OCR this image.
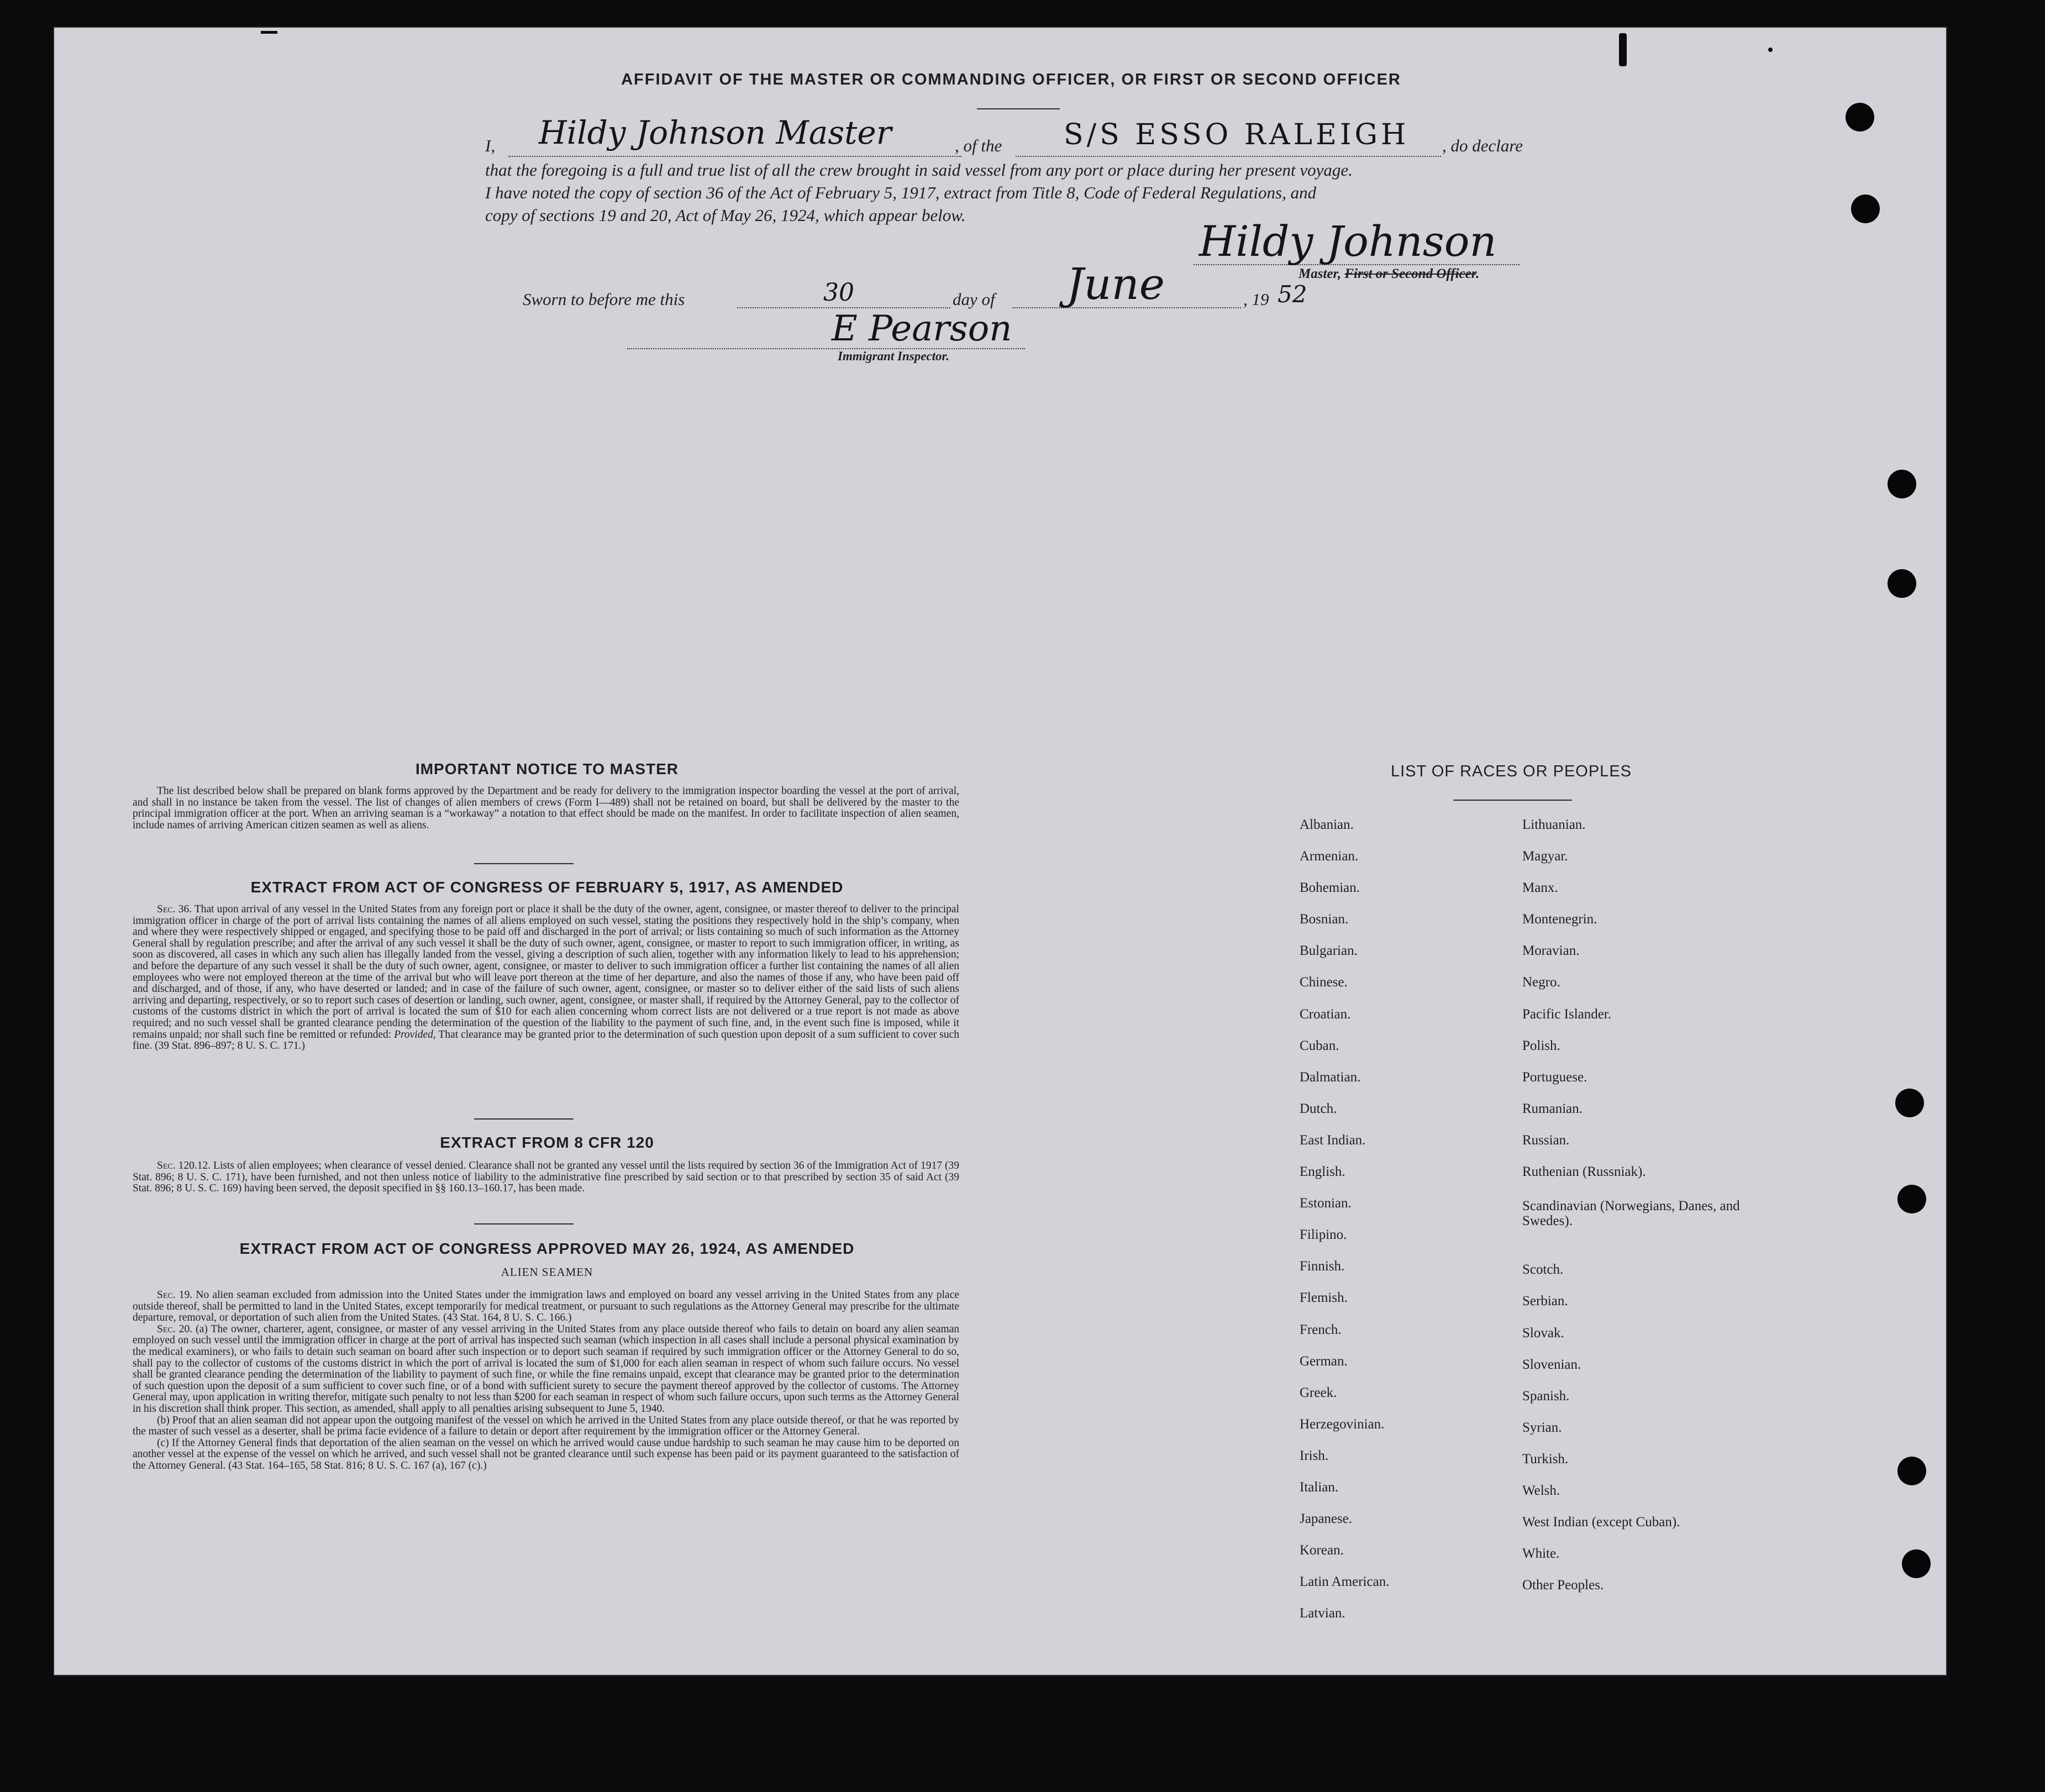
AFFIDAVIT OF THE MASTER OR COMMANDING OFFICER, OR FIRST OR SECOND OFFICER
I, Hildy Johnson Master	, of the S/S ESSO RALEIGH , do declare
that the foregoing is a full and true list of all the crew brought in said vessel from any port or place during her present voyage.
I have noted the copy of section 36 of the Act of February 5, 1917, extract from Title 8, Code of Federal Regulations, and
copy of sections 19 and 20, Act of May 26, 1924, which appear below.
Sworn to before me this	30	day of June	, 19 52
Hildy Johnson
Master, First or Second Officer.
E Pearson
Immigrant Inspector.
IMPORTANT NOTICE TO MASTER

The list described below shall be prepared on blank forms approved by the Department and be ready for delivery to the immigration inspector boarding the vessel at the port of arrival, and shall in no instance be taken from the vessel. The list of changes of alien members of crews (Form I—489) shall not be retained on board, but shall be delivered by the master to the principal immigration officer at the port. When an arriving seaman is a “workaway” a notation to that effect should be made on the manifest. In order to facilitate inspection of alien seamen, include names of arriving American citizen seamen as well as aliens.

EXTRACT FROM ACT OF CONGRESS OF FEBRUARY 5, 1917, AS AMENDED

Sec. 36. That upon arrival of any vessel in the United States from any foreign port or place it shall be the duty of the owner, agent, consignee, or master thereof to deliver to the principal immigration officer in charge of the port of arrival lists containing the names of all aliens employed on such vessel, stating the positions they respectively hold in the ship’s company, when and where they were respectively shipped or engaged, and specifying those to be paid off and discharged in the port of arrival; or lists containing so much of such information as the Attorney General shall by regulation prescribe; and after the arrival of any such vessel it shall be the duty of such owner, agent, consignee, or master to report to such immigration officer, in writing, as soon as discovered, all cases in which any such alien has illegally landed from the vessel, giving a description of such alien, together with any information likely to lead to his apprehension; and before the departure of any such vessel it shall be the duty of such owner, agent, consignee, or master to deliver to such immigration officer a further list containing the names of all alien employees who were not employed thereon at the time of the arrival but who will leave port thereon at the time of her departure, and also the names of those if any, who have been paid off and discharged, and of those, if any, who have deserted or landed; and in case of the failure of such owner, agent, consignee, or master so to deliver either of the said lists of such aliens arriving and departing, respectively, or so to report such cases of desertion or landing, such owner, agent, consignee, or master shall, if required by the Attorney General, pay to the collector of customs of the customs district in which the port of arrival is located the sum of $10 for each alien concerning whom correct lists are not delivered or a true report is not made as above required; and no such vessel shall be granted clearance pending the determination of the question of the liability to the payment of such fine, and, in the event such fine is imposed, while it remains unpaid; nor shall such fine be remitted or refunded: Provided, That clearance may be granted prior to the determination of such question upon deposit of a sum sufficient to cover such fine. (39 Stat. 896–897; 8 U. S. C. 171.)

EXTRACT FROM 8 CFR 120

Sec. 120.12. Lists of alien employees; when clearance of vessel denied. Clearance shall not be granted any vessel until the lists required by section 36 of the Immigration Act of 1917 (39 Stat. 896; 8 U. S. C. 171), have been furnished, and not then unless notice of liability to the administrative fine prescribed by said section or to that prescribed by section 35 of said Act (39 Stat. 896; 8 U. S. C. 169) having been served, the deposit specified in §§ 160.13–160.17, has been made.

EXTRACT FROM ACT OF CONGRESS APPROVED MAY 26, 1924, AS AMENDED
ALIEN SEAMEN

Sec. 19. No alien seaman excluded from admission into the United States under the immigration laws and employed on board any vessel arriving in the United States from any place outside thereof, shall be permitted to land in the United States, except temporarily for medical treatment, or pursuant to such regulations as the Attorney General may prescribe for the ultimate departure, removal, or deportation of such alien from the United States. (43 Stat. 164, 8 U. S. C. 166.)

Sec. 20. (a) The owner, charterer, agent, consignee, or master of any vessel arriving in the United States from any place outside thereof who fails to detain on board any alien seaman employed on such vessel until the immigration officer in charge at the port of arrival has inspected such seaman (which inspection in all cases shall include a personal physical examination by the medical examiners), or who fails to detain such seaman on board after such inspection or to deport such seaman if required by such immigration officer or the Attorney General to do so, shall pay to the collector of customs of the customs district in which the port of arrival is located the sum of $1,000 for each alien seaman in respect of whom such failure occurs. No vessel shall be granted clearance pending the determination of the liability to payment of such fine, or while the fine remains unpaid, except that clearance may be granted prior to the determination of such question upon the deposit of a sum sufficient to cover such fine, or of a bond with sufficient surety to secure the payment thereof approved by the collector of customs. The Attorney General may, upon application in writing therefor, mitigate such penalty to not less than $200 for each seaman in respect of whom such failure occurs, upon such terms as the Attorney General in his discretion shall think proper. This section, as amended, shall apply to all penalties arising subsequent to June 5, 1940.

(b) Proof that an alien seaman did not appear upon the outgoing manifest of the vessel on which he arrived in the United States from any place outside thereof, or that he was reported by the master of such vessel as a deserter, shall be prima facie evidence of a failure to detain or deport after requirement by the immigration officer or the Attorney General.

(c) If the Attorney General finds that deportation of the alien seaman on the vessel on which he arrived would cause undue hardship to such seaman he may cause him to be deported on another vessel at the expense of the vessel on which he arrived, and such vessel shall not be granted clearance until such expense has been paid or its payment guaranteed to the satisfaction of the Attorney General. (43 Stat. 164–165, 58 Stat. 816; 8 U. S. C. 167 (a), 167 (c).)

LIST OF RACES OR PEOPLES
Albanian.
Armenian.
Bohemian.
Bosnian.
Bulgarian.
Chinese.
Croatian.
Cuban.
Dalmatian.
Dutch.
East Indian.
English.
Estonian.
Filipino.
Finnish.
Flemish.
French.
German.
Greek.
Herzegovinian.
Irish.
Italian.
Japanese.
Korean.
Latin American.
Latvian.
Lithuanian.
Magyar.
Manx.
Montenegrin.
Moravian.
Negro.
Pacific Islander.
Polish.
Portuguese.
Rumanian.
Russian.
Ruthenian (Russniak).
Scandinavian (Norwegians, Danes, and Swedes).
Scotch.
Serbian.
Slovak.
Slovenian.
Spanish.
Syrian.
Turkish.
Welsh.
West Indian (except Cuban).
White.
Other Peoples.
